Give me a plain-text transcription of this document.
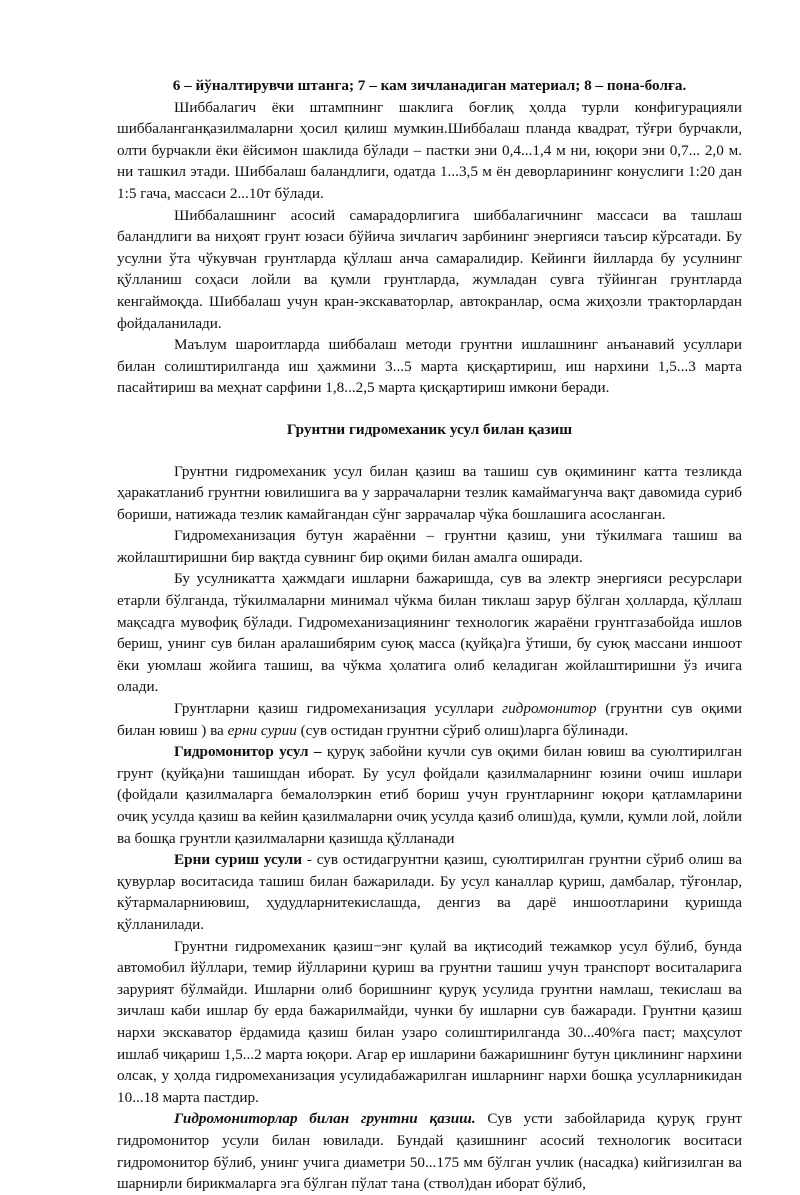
6 – йўналтирувчи штанга; 7 – кам зичланадиган материал; 8 – пона-болға.

Шиббалагич ёки штампнинг шаклига боғлиқ ҳолда турли конфигурацияли шиббаланганқазилмаларни ҳосил қилиш мумкин.Шиббалаш планда квадрат, тўғри бурчакли, олти бурчакли ёки ёйсимон шаклида бўлади – пастки эни 0,4...1,4 м ни, юқори эни 0,7... 2,0 м. ни ташкил этади. Шиббалаш баландлиги, одатда 1...3,5 м ён деворларининг конуслиги 1:20 дан 1:5 гача, массаси 2...10т бўлади.

Шиббалашнинг асосий самарадорлигига шиббалагичнинг массаси ва ташлаш баландлиги ва ниҳоят грунт юзаси бўйича зичлагич зарбининг энергияси таъсир кўрсатади. Бу усулни ўта чўкувчан грунтларда қўллаш анча самаралидир. Кейинги йилларда бу усулнинг қўлланиш соҳаси лойли ва қумли грунтларда, жумладан сувга тўйинган грунтларда кенгаймоқда. Шиббалаш учун кран-экскаваторлар, автокранлар, осма жиҳозли тракторлардан фойдаланилади.

Маълум шароитларда шиббалаш методи грунтни ишлашнинг анъанавий усуллари билан солиштирилганда иш ҳажмини 3...5 марта қисқартириш, иш нархини 1,5...3 марта пасайтириш ва меҳнат сарфини 1,8...2,5 марта қисқартириш имкони беради.

Грунтни гидромеханик усул билан қазиш

Грунтни гидромеханик усул билан қазиш ва ташиш сув оқимининг катта тезликда ҳаракатланиб грунтни ювилишига ва у заррачаларни тезлик камаймагунча вақт давомида суриб бориши, натижада тезлик камайгандан сўнг заррачалар чўка бошлашига асосланган.

Гидромеханизация бутун жараённи – грунтни қазиш, уни тўкилмага ташиш ва жойлаштиришни бир вақтда сувнинг бир оқими билан амалга оширади.

Бу усулникатта ҳажмдаги ишларни бажаришда, сув ва электр энергияси ресурслари етарли бўлганда, тўкилмаларни минимал чўкма билан тиклаш зарур бўлган ҳолларда, қўллаш мақсадга мувофиқ бўлади. Гидромеханизациянинг технологик жараёни грунтгазабойда ишлов бериш, унинг сув билан аралашибярим суюқ масса (қуйқа)га ўтиши, бу суюқ массани иншоот ёки уюмлаш жойига ташиш, ва чўкма ҳолатига олиб келадиган жойлаштиришни ўз ичига олади.

Грунтларни қазиш гидромеханизация усуллари гидромонитор (грунтни сув оқими билан ювиш ) ва ерни сурии (сув остидан грунтни сўриб олиш)ларга бўлинади.

Гидромонитор усул – қуруқ забойни кучли сув оқими билан ювиш ва суюлтирилган грунт (қуйқа)ни ташишдан иборат. Бу усул фойдали қазилмаларнинг юзини очиш ишлари (фойдали қазилмаларга бемалолэркин етиб бориш учун грунтларнинг юқори қатламларини очиқ усулда қазиш ва кейин қазилмаларни очиқ усулда қазиб олиш)да, қумли, қумли лой, лойли ва бошқа грунтли қазилмаларни қазишда қўлланади

Ерни суриш усули - сув остидагрунтни қазиш, суюлтирилган грунтни сўриб олиш ва қувурлар воситасида ташиш билан бажарилади. Бу усул каналлар қуриш, дамбалар, тўғонлар, кўтармаларниювиш, ҳудудларнитекислашда, денгиз ва дарё иншоотларини қуришда қўлланилади.

Грунтни гидромеханик қазиш−энг қулай ва иқтисодий тежамкор усул бўлиб, бунда автомобил йўллари, темир йўлларини қуриш ва грунтни ташиш учун транспорт воситаларига зарурият бўлмайди. Ишларни олиб боришнинг қуруқ усулида грунтни намлаш, текислаш ва зичлаш каби ишлар бу ерда бажарилмайди, чунки бу ишларни сув бажаради. Грунтни қазиш нархи экскаватор ёрдамида қазиш билан узаро солиштирилганда 30...40%га паст; маҳсулот ишлаб чиқариш 1,5...2 марта юқори. Агар ер ишларини бажаришнинг бутун циклининг нархини олсак, у ҳолда гидромеханизация усулидабажарилган ишларнинг нархи бошқа усулларникидан 10...18 марта пастдир.

Гидромониторлар билан грунтни қазиш. Сув усти забойларида қуруқ грунт гидромонитор усули билан ювилади. Бундай қазишнинг асосий технологик воситаси гидромонитор бўлиб, унинг учига диаметри 50...175 мм бўлган учлик (насадка) кийгизилган ва шарнирли бирикмаларга эга бўлган пўлат тана (ствол)дан иборат бўлиб,
